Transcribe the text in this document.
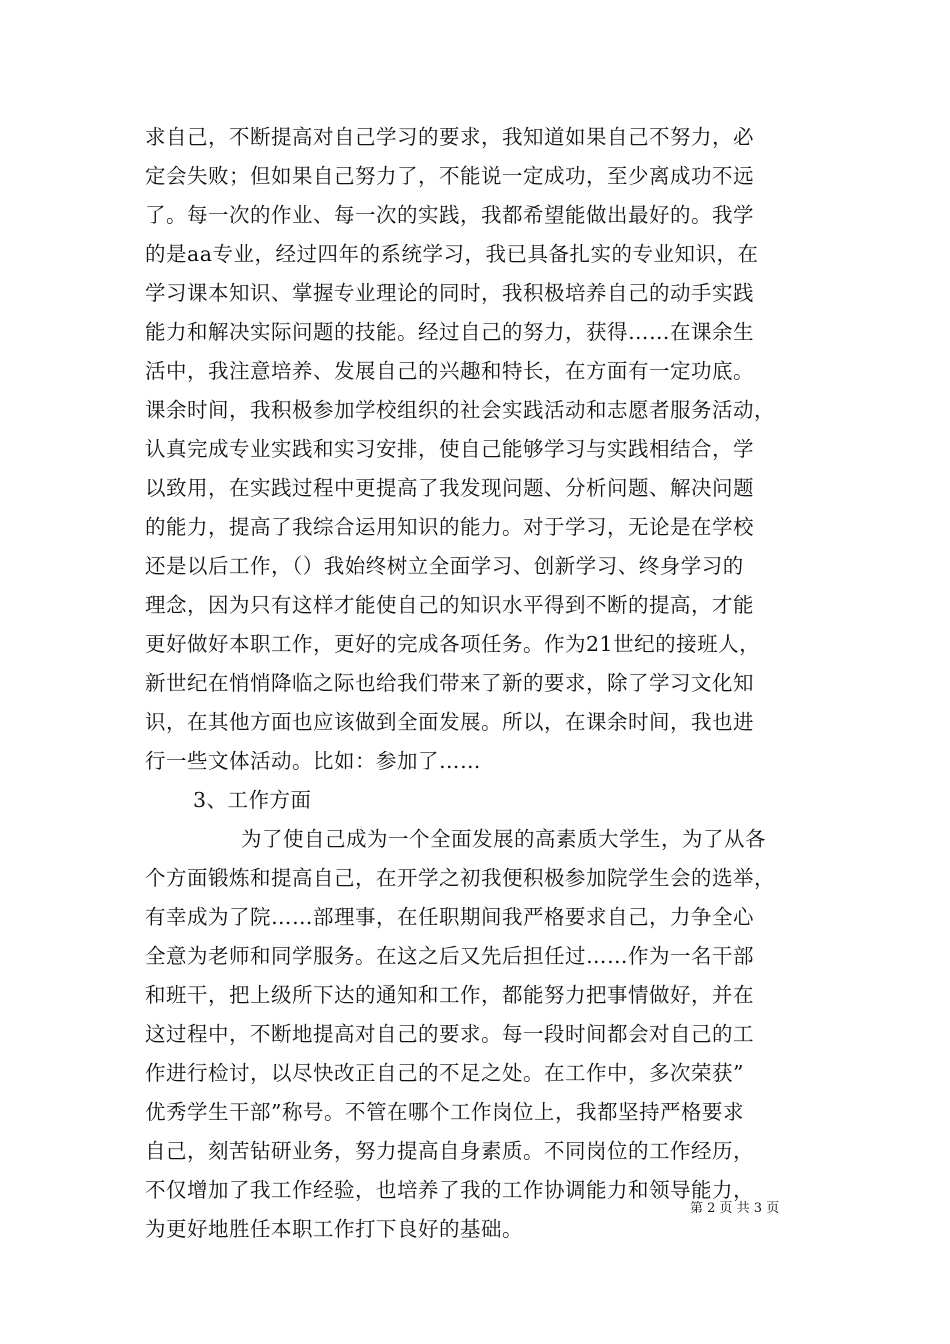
求自己，不断提高对自己学习的要求，我知道如果自己不努力，必
定会失败；但如果自己努力了，不能说一定成功，至少离成功不远
了。每一次的作业、每一次的实践，我都希望能做出最好的。我学
的是aa专业，经过四年的系统学习，我已具备扎实的专业知识，在
学习课本知识、掌握专业理论的同时，我积极培养自己的动手实践
能力和解决实际问题的技能。经过自己的努力，获得……在课余生
活中，我注意培养、发展自己的兴趣和特长，在方面有一定功底。
课余时间，我积极参加学校组织的社会实践活动和志愿者服务活动，
认真完成专业实践和实习安排，使自己能够学习与实践相结合，学
以致用，在实践过程中更提高了我发现问题、分析问题、解决问题
的能力，提高了我综合运用知识的能力。对于学习，无论是在学校
还是以后工作，（）我始终树立全面学习、创新学习、终身学习的
理念，因为只有这样才能使自己的知识水平得到不断的提高，才能
更好做好本职工作，更好的完成各项任务。作为21世纪的接班人，
新世纪在悄悄降临之际也给我们带来了新的要求，除了学习文化知
识，在其他方面也应该做到全面发展。所以，在课余时间，我也进
行一些文体活动。比如：参加了……
3、工作方面
为了使自己成为一个全面发展的高素质大学生，为了从各
个方面锻炼和提高自己，在开学之初我便积极参加院学生会的选举，
有幸成为了院……部理事，在任职期间我严格要求自己，力争全心
全意为老师和同学服务。在这之后又先后担任过……作为一名干部
和班干，把上级所下达的通知和工作，都能努力把事情做好，并在
这过程中，不断地提高对自己的要求。每一段时间都会对自己的工
作进行检讨，以尽快改正自己的不足之处。在工作中，多次荣获”
优秀学生干部”称号。不管在哪个工作岗位上，我都坚持严格要求
自己，刻苦钻研业务，努力提高自身素质。不同岗位的工作经历，
不仅增加了我工作经验，也培养了我的工作协调能力和领导能力，
为更好地胜任本职工作打下良好的基础。
第 2 页 共 3 页
